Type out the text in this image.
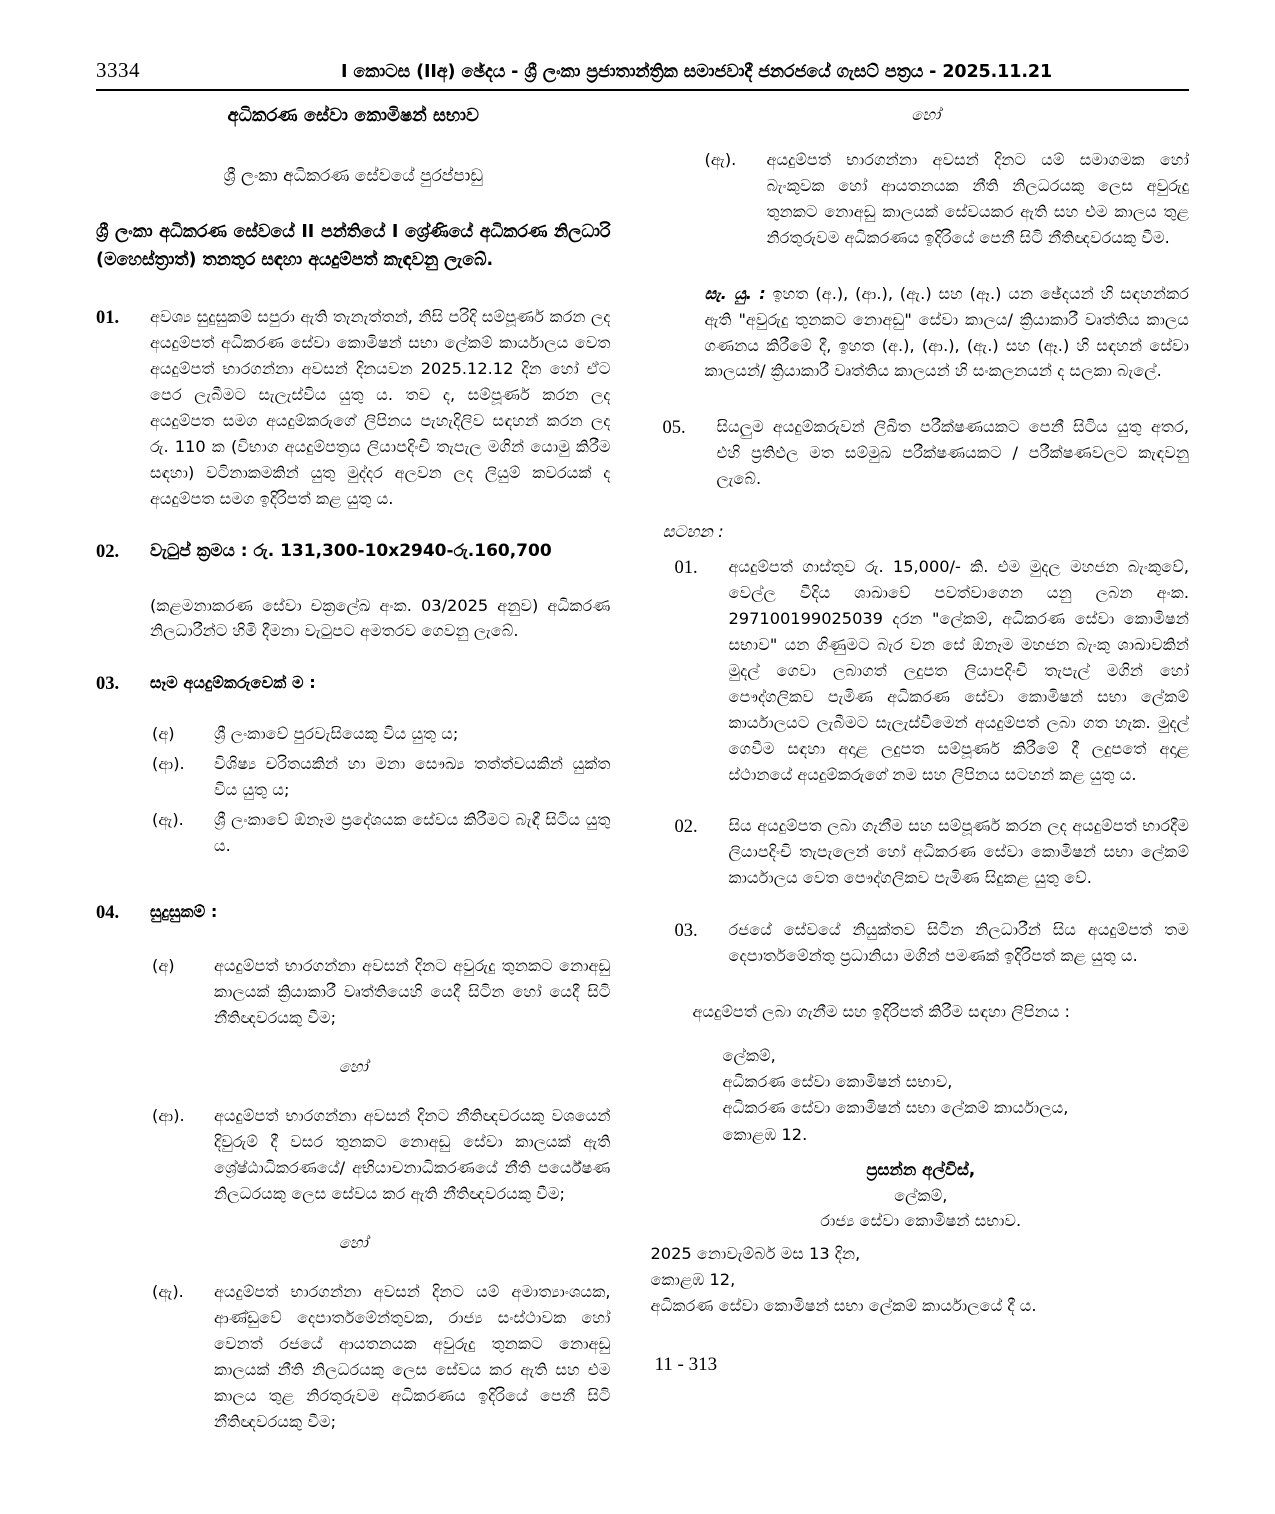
3334	I කොටස (IIඅ) ඡේදය - ශ්‍රී ලංකා ප්‍රජාතාන්ත්‍රික සමාජවාදී ජනරජයේ ගැසට් පත්‍රය - 2025.11.21
අධිකරණ සේවා කොමිෂන් සභාව
ශ්‍රී ලංකා අධිකරණ සේවයේ පුරප්පාඩු
ශ්‍රී ලංකා අධිකරණ සේවයේ II පන්තියේ I ශ්‍රේණියේ අධිකරණ නිලධාරි (මහෙස්ත්‍රාත්) තනතුර සඳහා අයදුම්පත් කැඳවනු ලැබේ.
01.	අවශ්‍ය සුදුසුකම් සපුරා ඇති තැනැත්තන්, නිසි පරිදි සම්පූර්ණ කරන ලද අයදුම්පත් අධිකරණ සේවා කොමිෂන් සභා ලේකම් කාර්යාලය වෙත අයදුම්පත් භාරගන්නා අවසන් දිනයවන 2025.12.12 දින හෝ ඒට පෙර ලැබීමට සැලැස්විය යුතු ය. තව ද, සම්පූර්ණ කරන ලද අයදුම්පත සමග අයදුම්කරුගේ ලිපිනය පැහැදිලිව සඳහන් කරන ලද රු. 110 ක (විභාග අයදුම්පත්‍රය ලියාපදිංචි තැපැල මගින් යොමු කිරීම සඳහා) වටිනාකමකින් යුතු මුද්දර අලවන ලද ලියුම් කවරයක් ද අයදුම්පත සමග ඉදිරිපත් කළ යුතු ය.
02.	වැටුප් ක්‍රමය : රු. 131,300-10x2940-රු.160,700
(කළමනාකරණ සේවා චක්‍රලේඛ අංක. 03/2025 අනුව) අධිකරණ නිලධාරීන්ට හිමි දීමනා වැටුපට අමතරව ගෙවනු ලැබේ.
03.	සෑම අයදුම්කරුවෙක් ම :
(අ)	ශ්‍රී ලංකාවේ පුරවැසියෙකු විය යුතු ය;
(ආ).	විශිෂ්‍ය චරිතයකින් හා මනා සෞඛ්‍ය තත්ත්වයකින් යුක්ත විය යුතු ය;
(ඇ).	ශ්‍රී ලංකාවේ ඕනෑම ප්‍රදේශයක සේවය කිරීමට බැඳී සිටිය යුතු ය.
04.	සුදුසුකම් :
(අ)	අයදුම්පත් භාරගන්නා අවසන් දිනට අවුරුදු තුනකට නොඅඩු කාලයක් ක්‍රියාකාරී වෘත්තියෙහි යෙදී සිටින හෝ යෙදී සිටි නීතිඥවරයකු වීම;
හෝ
(ආ).	අයදුම්පත් භාරගන්නා අවසන් දිනට නීතිඥවරයකු වශයෙන් දිවුරුම් දී වසර තුනකට නොඅඩු සේවා කාලයක් ඇති ශ්‍රේෂ්ඨාධිකරණයේ/ අභියාචනාධිකරණයේ නීති පර්යේෂණ නිලධරයකු ලෙස සේවය කර ඇති නීතිඥවරයකු වීම;
හෝ
(ඇ).	අයදුම්පත් භාරගන්නා අවසන් දිනට යම් අමාත්‍යාංශයක, ආණ්ඩුවේ දෙපාර්තමේන්තුවක, රාජ්‍ය සංස්ථාවක හෝ වෙනත් රජයේ ආයතනයක අවුරුදු තුනකට නොඅඩු කාලයක් නීති නිලධරයකු ලෙස සේවය කර ඇති සහ එම කාලය තුළ නිරතුරුවම අධිකරණය ඉදිරියේ පෙනී සිටි නීතිඥවරයකු වීම;
හෝ
(ඇ).	අයදුම්පත් භාරගන්නා අවසන් දිනට යම් සමාගමක හෝ බැංකුවක හෝ ආයතනයක නීති නිලධරයකු ලෙස අවුරුදු තුනකට නොඅඩු කාලයක් සේවයකර ඇති සහ එම කාලය තුළ නිරතුරුවම අධිකරණය ඉදිරියේ පෙනී සිටි නීතිඥවරයකු වීම.
සැ. යු. : ඉහත (අ.), (ආ.), (ඇ.) සහ (ඈ.) යන ඡේදයන් හි සඳහන්කර ඇති "අවුරුදු තුනකට නොඅඩු" සේවා කාලය/ ක්‍රියාකාරී වෘත්තිය කාලය ගණනය කිරීමේ දී, ඉහත (අ.), (ආ.), (ඇ.) සහ (ඈ.) හි සඳහන් සේවා කාලයන්/ ක්‍රියාකාරී වෘත්තිය කාලයන් හි සංකලනයන් ද සලකා බැලේ.
05.	සියලුම අයදුම්කරුවන් ලිඛිත පරීක්ෂණයකට පෙනී සිටිය යුතු අතර, එහි ප්‍රතිඵල මත සම්මුඛ පරීක්ෂණයකට / පරීක්ෂණවලට කැඳවනු ලැබේ.
සටහන :
01.	අයදුම්පත් ගාස්තුව රු. 15,000/- කි. එම මුදල මහජන බැංකුවේ, වෙල්ල වීදිය ශාඛාවේ පවත්වාගෙන යනු ලබන අංක. 297100199025039 දරන "ලේකම්, අධිකරණ සේවා කොමිෂන් සභාව" යන ගිණුමට බැර වන සේ ඕනෑම මහජන බැංකු ශාඛාවකින් මුදල් ගෙවා ලබාගත් ලදුපත ලියාපදිංචි තැපැල් මගින් හෝ පෞද්ගලිකව පැමිණ අධිකරණ සේවා කොමිෂන් සභා ලේකම් කාර්යාලයට ලැබීමට සැලැස්වීමෙන් අයදුම්පත් ලබා ගත හැක. මුදල් ගෙවීම සඳහා අදාළ ලදුපත සම්පූර්ණ කිරීමේ දී ලදුපතේ අදාළ ස්ථානයේ අයදුම්කරුගේ නම සහ ලිපිනය සටහන් කළ යුතු ය.
02.	සිය අයදුම්පත ලබා ගැනීම සහ සම්පූර්ණ කරන ලද අයදුම්පත් භාරදීම ලියාපදිංචි තැපැලෙන් හෝ අධිකරණ සේවා කොමිෂන් සභා ලේකම් කාර්යාලය වෙත පෞද්ගලිකව පැමිණ සිදුකළ යුතු වේ.
03.	රජයේ සේවයේ නියුක්තව සිටින නිලධාරීන් සිය අයදුම්පත් තම දෙපාර්තමේන්තු ප්‍රධානියා මගින් පමණක් ඉදිරිපත් කළ යුතු ය.
අයදුම්පත් ලබා ගැනීම සහ ඉදිරිපත් කිරීම සඳහා ලිපිනය :
ලේකම්,
අධිකරණ සේවා කොමිෂන් සභාව,
අධිකරණ සේවා කොමිෂන් සභා ලේකම් කාර්යාලය,
කොළඹ 12.
ප්‍රසන්න අල්විස්,
ලේකම්,
රාජ්‍ය සේවා කොමිෂන් සභාව.
2025 නොවැම්බර් මස 13 දින,
කොළඹ 12,
අධිකරණ සේවා කොමිෂන් සභා ලේකම් කාර්යාලයේ දී ය.
11 - 313
